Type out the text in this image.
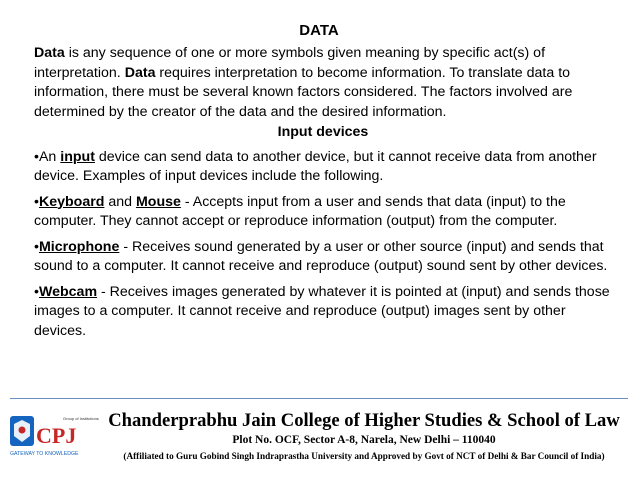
DATA

Data is any sequence of one or more symbols given meaning by specific act(s) of interpretation. Data requires interpretation to become information. To translate data to information, there must be several known factors considered. The factors involved are determined by the creator of the data and the desired information.

Input devices

•An input device can send data to another device, but it cannot receive data from another device. Examples of input devices include the following.

•Keyboard and Mouse - Accepts input from a user and sends that data (input) to the computer. They cannot accept or reproduce information (output) from the computer.

•Microphone - Receives sound generated by a user or other source (input) and sends that sound to a computer. It cannot receive and reproduce (output) sound sent by other devices.

•Webcam - Receives images generated by whatever it is pointed at (input) and sends those images to a computer. It cannot receive and reproduce (output) images sent by other devices.

CPJ
Group of Institutions
GATEWAY TO KNOWLEDGE
Chanderprabhu Jain College of Higher Studies & School of Law
Plot No. OCF, Sector A-8, Narela, New Delhi – 110040
(Affiliated to Guru Gobind Singh Indraprastha University and Approved by Govt of NCT of Delhi & Bar Council of India)
